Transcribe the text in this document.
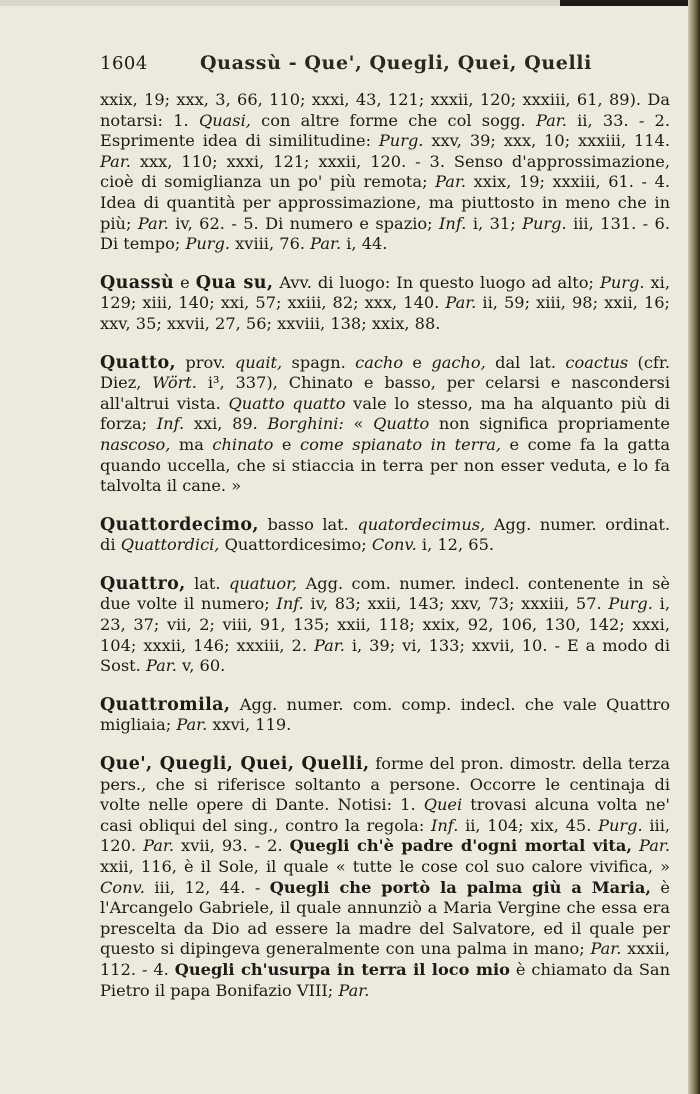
1604	Quassù - Que', Quegli, Quei, Quelli

xxix, 19; xxx, 3, 66, 110; xxxi, 43, 121; xxxii, 120; xxxiii, 61, 89). Da notarsi: 1. Quasi, con altre forme che col sogg. Par. ii, 33. - 2. Esprimente idea di similitudine: Purg. xxv, 39; xxx, 10; xxxiii, 114. Par. xxx, 110; xxxi, 121; xxxii, 120. - 3. Senso d'approssimazione, cioè di somiglianza un po' più remota; Par. xxix, 19; xxxiii, 61. - 4. Idea di quantità per approssimazione, ma piuttosto in meno che in più; Par. iv, 62. - 5. Di numero e spazio; Inf. i, 31; Purg. iii, 131. - 6. Di tempo; Purg. xviii, 76. Par. i, 44.

Quassù e Qua su, Avv. di luogo: In questo luogo ad alto; Purg. xi, 129; xiii, 140; xxi, 57; xxiii, 82; xxx, 140. Par. ii, 59; xiii, 98; xxii, 16; xxv, 35; xxvii, 27, 56; xxviii, 138; xxix, 88.

Quatto, prov. quait, spagn. cacho e gacho, dal lat. coactus (cfr. Diez, Wört. i³, 337), Chinato e basso, per celarsi e nascondersi all'altrui vista. Quatto quatto vale lo stesso, ma ha alquanto più di forza; Inf. xxi, 89. Borghini: « Quatto non significa propriamente nascoso, ma chinato e come spianato in terra, e come fa la gatta quando uccella, che si stiaccia in terra per non esser veduta, e lo fa talvolta il cane. »

Quattordecimo, basso lat. quatordecimus, Agg. numer. ordinat. di Quattordici, Quattordicesimo; Conv. i, 12, 65.

Quattro, lat. quatuor, Agg. com. numer. indecl. contenente in sè due volte il numero; Inf. iv, 83; xxii, 143; xxv, 73; xxxiii, 57. Purg. i, 23, 37; vii, 2; viii, 91, 135; xxii, 118; xxix, 92, 106, 130, 142; xxxi, 104; xxxii, 146; xxxiii, 2. Par. i, 39; vi, 133; xxvii, 10. - E a modo di Sost. Par. v, 60.

Quattromila, Agg. numer. com. comp. indecl. che vale Quattro migliaia; Par. xxvi, 119.

Que', Quegli, Quei, Quelli, forme del pron. dimostr. della terza pers., che si riferisce soltanto a persone. Occorre le centinaja di volte nelle opere di Dante. Notisi: 1. Quei trovasi alcuna volta ne' casi obliqui del sing., contro la regola: Inf. ii, 104; xix, 45. Purg. iii, 120. Par. xvii, 93. - 2. Quegli ch'è padre d'ogni mortal vita, Par. xxii, 116, è il Sole, il quale « tutte le cose col suo calore vivifica, » Conv. iii, 12, 44. - Quegli che portò la palma giù a Maria, è l'Arcangelo Gabriele, il quale annunziò a Maria Vergine che essa era prescelta da Dio ad essere la madre del Salvatore, ed il quale per questo si dipingeva generalmente con una palma in mano; Par. xxxii, 112. - 4. Quegli ch'usurpa in terra il loco mio è chiamato da San Pietro il papa Bonifazio VIII; Par.
